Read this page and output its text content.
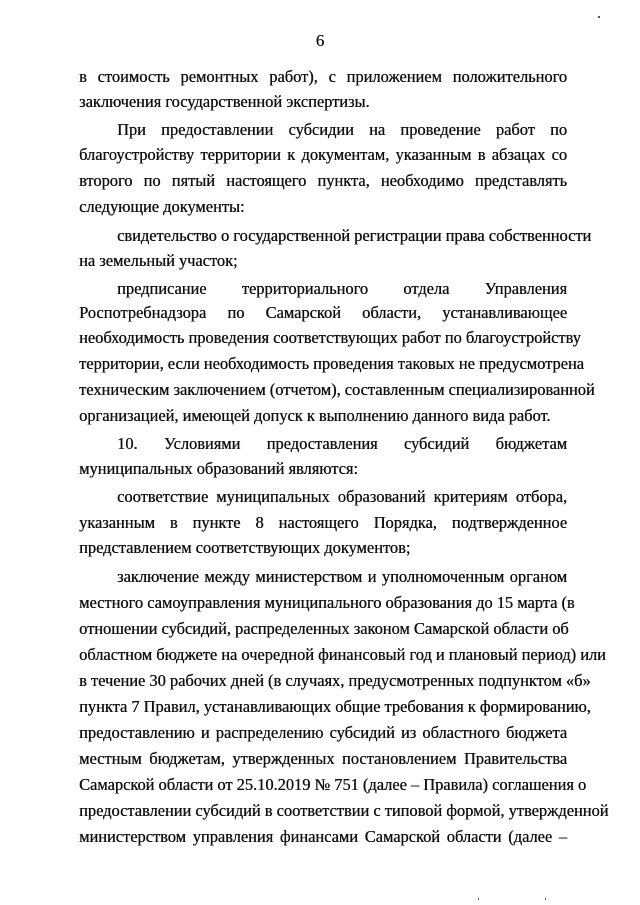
6
в стоимость ремонтных работ), с приложением положительного
заключения государственной экспертизы.
При предоставлении субсидии на проведение работ по
благоустройству территории к документам, указанным в абзацах со
второго по пятый настоящего пункта, необходимо представлять
следующие документы:
свидетельство о государственной регистрации права собственности
на земельный участок;
предписание территориального отдела Управления
Роспотребнадзора по Самарской области, устанавливающее
необходимость проведения соответствующих работ по благоустройству
территории, если необходимость проведения таковых не предусмотрена
техническим заключением (отчетом), составленным специализированной
организацией, имеющей допуск к выполнению данного вида работ.
10. Условиями предоставления субсидий бюджетам
муниципальных образований являются:
соответствие муниципальных образований критериям отбора,
указанным в пункте 8 настоящего Порядка, подтвержденное
представлением соответствующих документов;
заключение между министерством и уполномоченным органом
местного самоуправления муниципального образования до 15 марта (в
отношении субсидий, распределенных законом Самарской области об
областном бюджете на очередной финансовый год и плановый период) или
в течение 30 рабочих дней (в случаях, предусмотренных подпунктом «б»
пункта 7 Правил, устанавливающих общие требования к формированию,
предоставлению и распределению субсидий из областного бюджета
местным бюджетам, утвержденных постановлением Правительства
Самарской области от 25.10.2019 № 751 (далее – Правила) соглашения о
предоставлении субсидий в соответствии с типовой формой, утвержденной
министерством управления финансами Самарской области (далее –
